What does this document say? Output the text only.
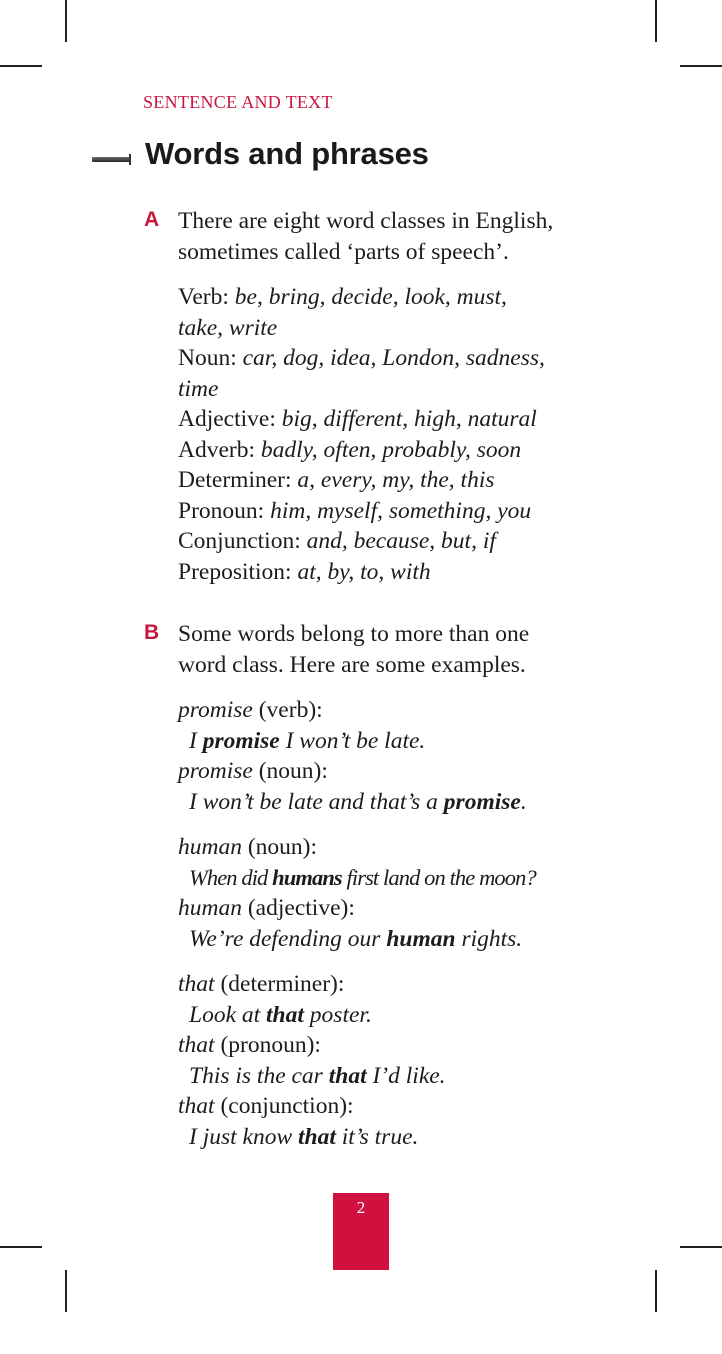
SENTENCE AND TEXT

Words and phrases

A There are eight word classes in English,
sometimes called ‘parts of speech’.
Verb: be, bring, decide, look, must,
take, write
Noun: car, dog, idea, London, sadness,
time
Adjective: big, different, high, natural
Adverb: badly, often, probably, soon
Determiner: a, every, my, the, this
Pronoun: him, myself, something, you
Conjunction: and, because, but, if
Preposition: at, by, to, with

B Some words belong to more than one
word class. Here are some examples.
promise (verb):
I promise I won’t be late.
promise (noun):
I won’t be late and that’s a promise.
human (noun):
When did humans first land on the moon?
human (adjective):
We’re defending our human rights.
that (determiner):
Look at that poster.
that (pronoun):
This is the car that I’d like.
that (conjunction):
I just know that it’s true.
2
